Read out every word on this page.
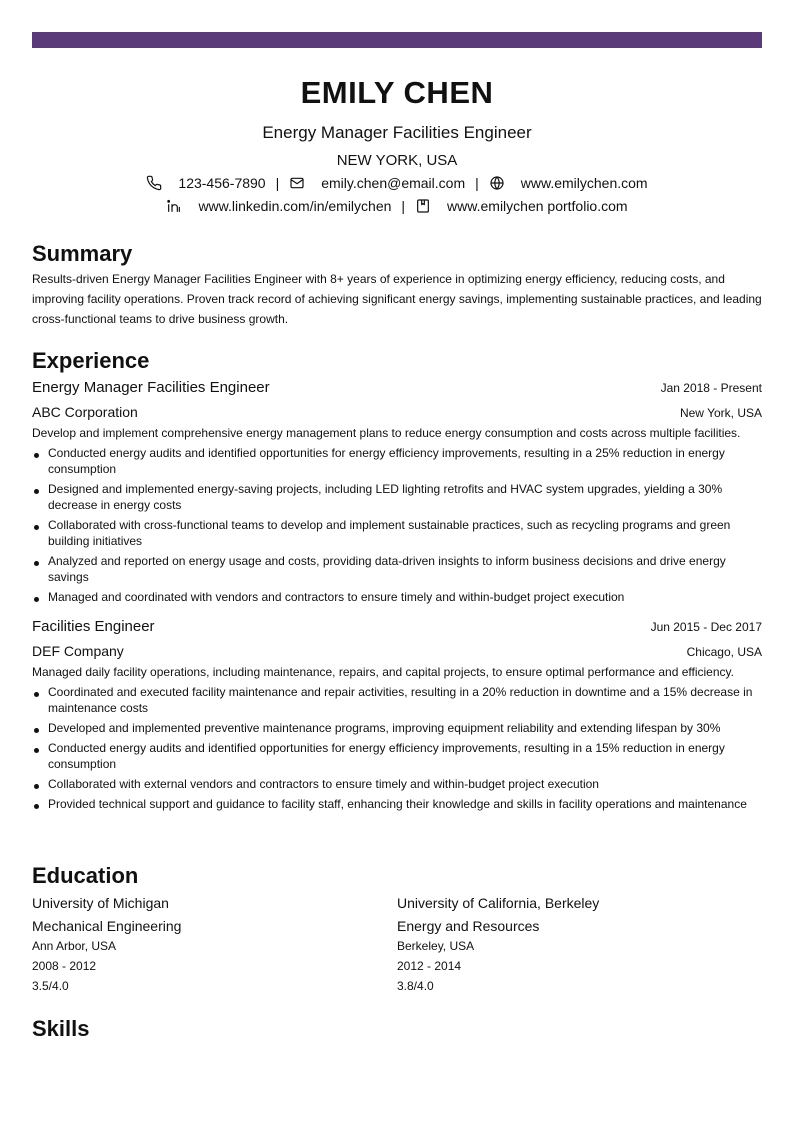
EMILY CHEN
Energy Manager Facilities Engineer
NEW YORK, USA
123-456-7890 |	emily.chen@email.com |	www.emilychen.com
www.linkedin.com/in/emilychen |	www.emilychen portfolio.com
Summary
Results-driven Energy Manager Facilities Engineer with 8+ years of experience in optimizing energy efficiency, reducing costs, and improving facility operations. Proven track record of achieving significant energy savings, implementing sustainable practices, and leading cross-functional teams to drive business growth.
Experience
Energy Manager Facilities Engineer	Jan 2018 - Present
ABC Corporation	New York, USA
Develop and implement comprehensive energy management plans to reduce energy consumption and costs across multiple facilities.
Conducted energy audits and identified opportunities for energy efficiency improvements, resulting in a 25% reduction in energy consumption
Designed and implemented energy-saving projects, including LED lighting retrofits and HVAC system upgrades, yielding a 30% decrease in energy costs
Collaborated with cross-functional teams to develop and implement sustainable practices, such as recycling programs and green building initiatives
Analyzed and reported on energy usage and costs, providing data-driven insights to inform business decisions and drive energy savings
Managed and coordinated with vendors and contractors to ensure timely and within-budget project execution
Facilities Engineer	Jun 2015 - Dec 2017
DEF Company	Chicago, USA
Managed daily facility operations, including maintenance, repairs, and capital projects, to ensure optimal performance and efficiency.
Coordinated and executed facility maintenance and repair activities, resulting in a 20% reduction in downtime and a 15% decrease in maintenance costs
Developed and implemented preventive maintenance programs, improving equipment reliability and extending lifespan by 30%
Conducted energy audits and identified opportunities for energy efficiency improvements, resulting in a 15% reduction in energy consumption
Collaborated with external vendors and contractors to ensure timely and within-budget project execution
Provided technical support and guidance to facility staff, enhancing their knowledge and skills in facility operations and maintenance
Education
University of Michigan
Mechanical Engineering
Ann Arbor, USA
2008 - 2012
3.5/4.0
University of California, Berkeley
Energy and Resources
Berkeley, USA
2012 - 2014
3.8/4.0
Skills
